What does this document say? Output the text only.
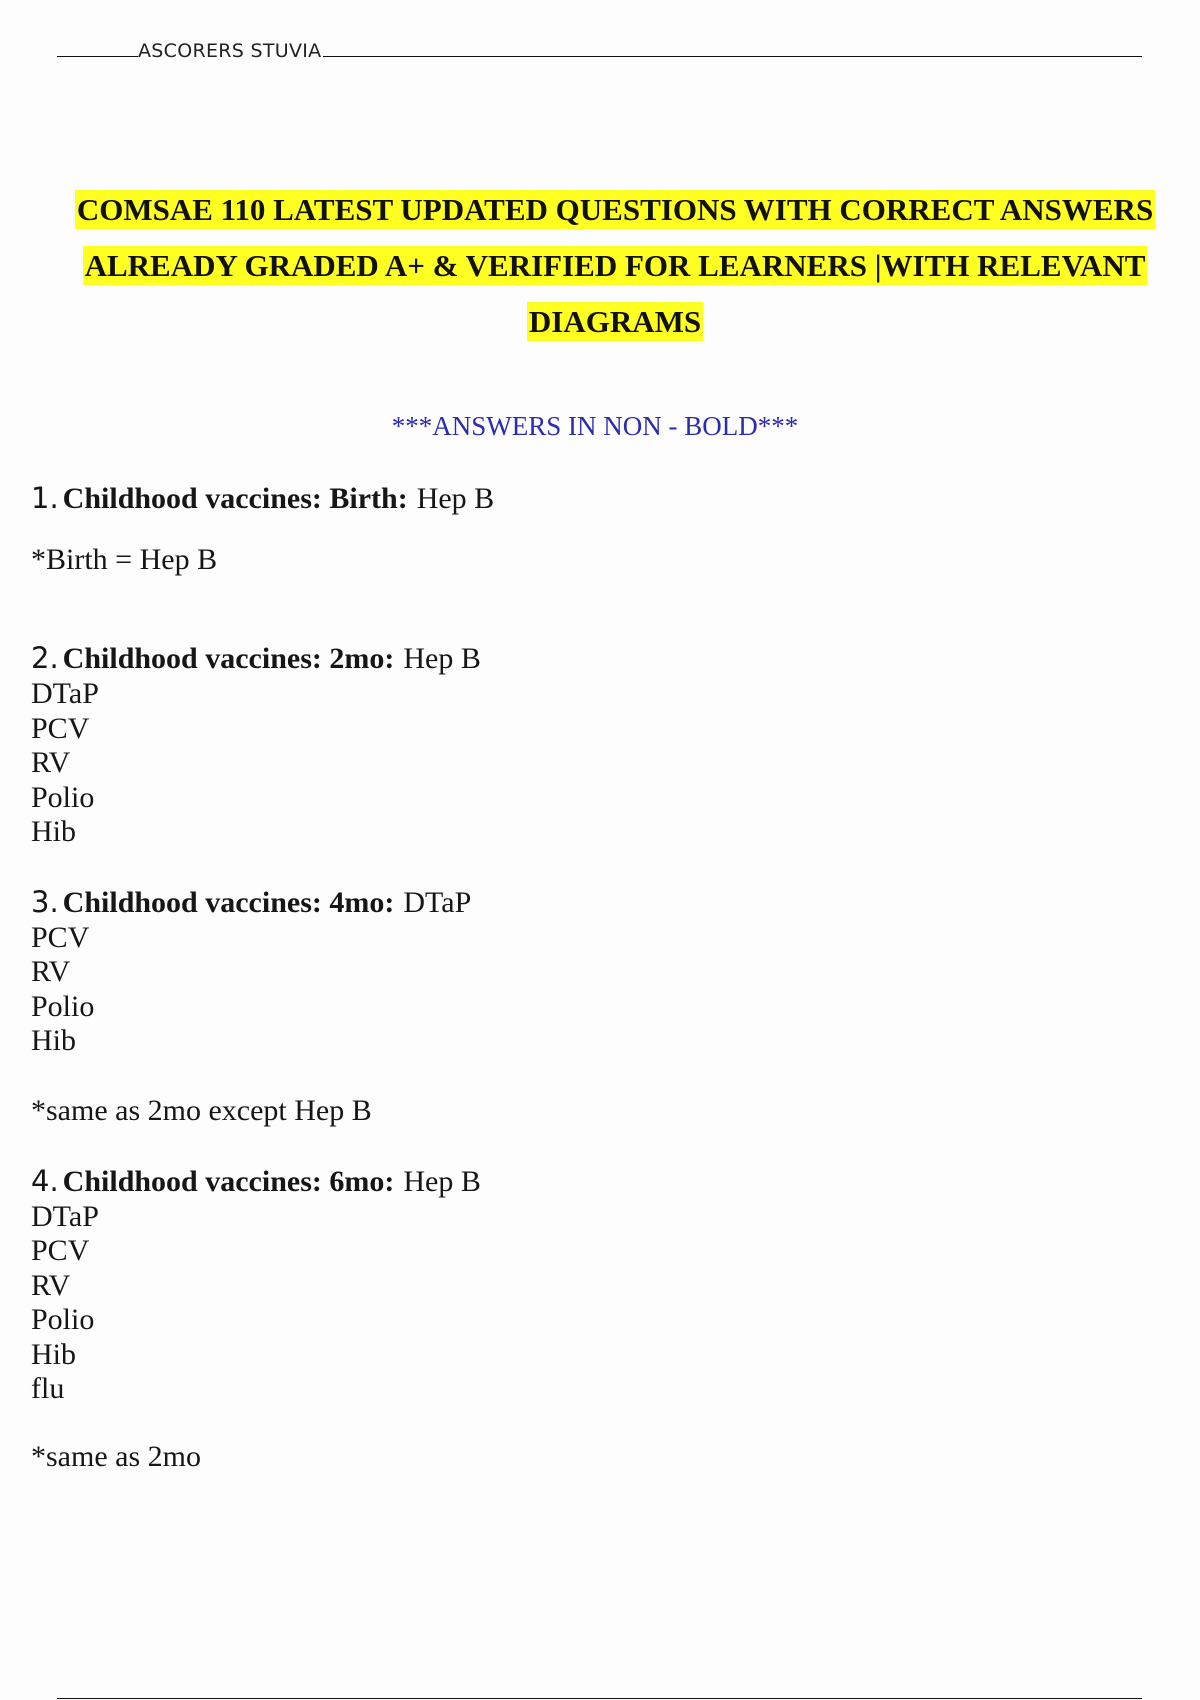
ASCORERS STUVIA
COMSAE 110 LATEST UPDATED QUESTIONS WITH CORRECT ANSWERS
ALREADY GRADED A+ & VERIFIED FOR LEARNERS |WITH RELEVANT
DIAGRAMS
***ANSWERS IN NON - BOLD***

1. Childhood vaccines: Birth: Hep B

*Birth = Hep B

2. Childhood vaccines: 2mo: Hep B

DTaP

PCV

RV

Polio

Hib

3. Childhood vaccines: 4mo: DTaP

PCV

RV

Polio

Hib

*same as 2mo except Hep B

4. Childhood vaccines: 6mo: Hep B

DTaP

PCV

RV

Polio

Hib

flu

*same as 2mo
